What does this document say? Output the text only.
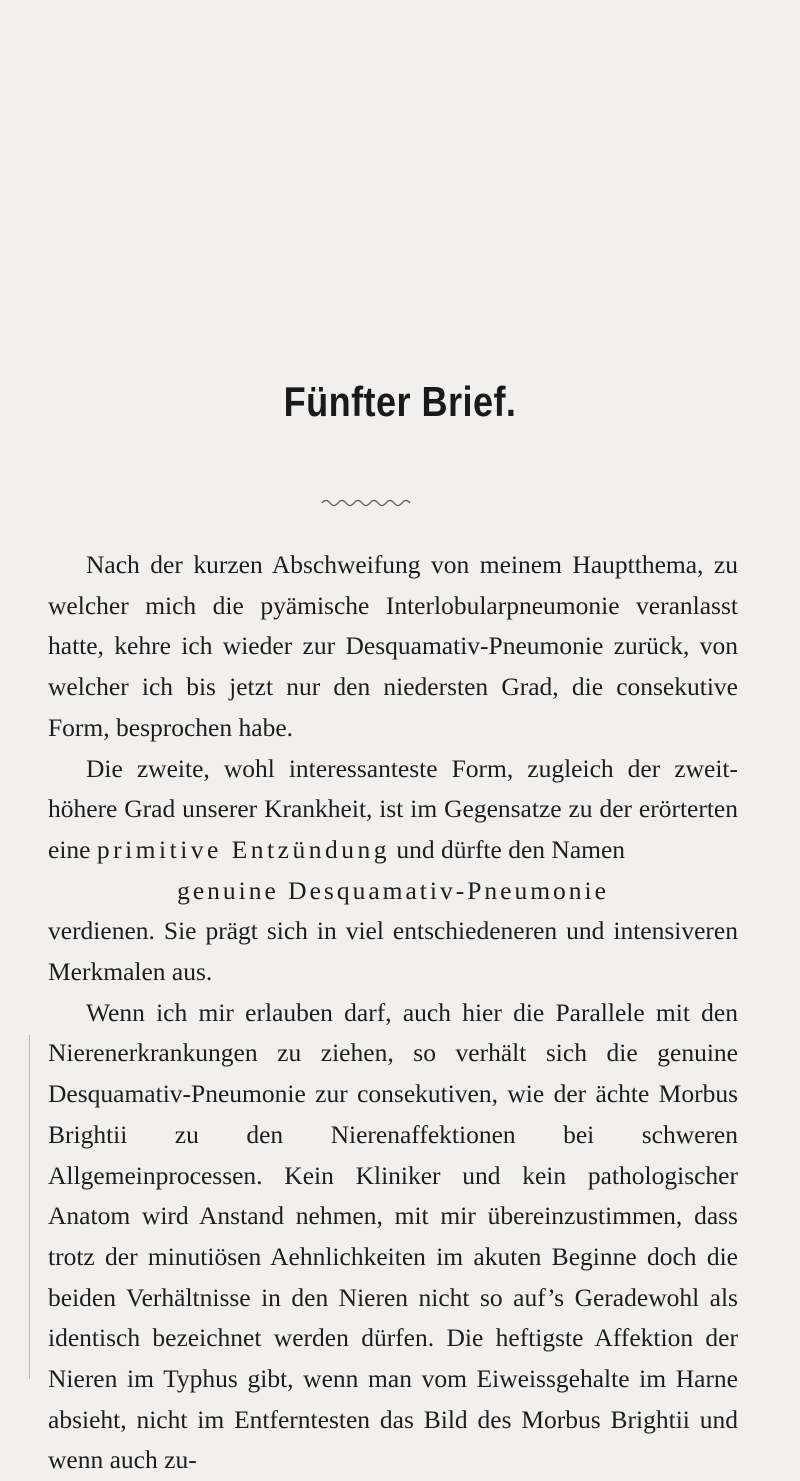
Fünfter Brief.

Nach der kurzen Abschweifung von meinem Hauptthema, zu welcher mich die pyämische Interlobularpneumonie veranlasst hatte, kehre ich wieder zur Desquamativ-Pneumonie zurück, von welcher ich bis jetzt nur den niedersten Grad, die consekutive Form, besprochen habe.

Die zweite, wohl interessanteste Form, zugleich der zweit-höhere Grad unserer Krankheit, ist im Gegensatze zu der erörterten eine primitive Entzündung und dürfte den Namen

genuine Desquamativ-Pneumonie

verdienen. Sie prägt sich in viel entschiedeneren und intensiveren Merkmalen aus.

Wenn ich mir erlauben darf, auch hier die Parallele mit den Nierenerkrankungen zu ziehen, so verhält sich die genuine Desquamativ-Pneumonie zur consekutiven, wie der ächte Morbus Brightii zu den Nierenaffektionen bei schweren Allgemeinprocessen. Kein Kliniker und kein pathologischer Anatom wird Anstand nehmen, mit mir übereinzustimmen, dass trotz der minutiösen Aehnlichkeiten im akuten Beginne doch die beiden Verhältnisse in den Nieren nicht so auf’s Geradewohl als identisch bezeichnet werden dürfen. Die heftigste Affektion der Nieren im Typhus gibt, wenn man vom Eiweissgehalte im Harne absieht, nicht im Entferntesten das Bild des Morbus Brightii und wenn auch zu-
